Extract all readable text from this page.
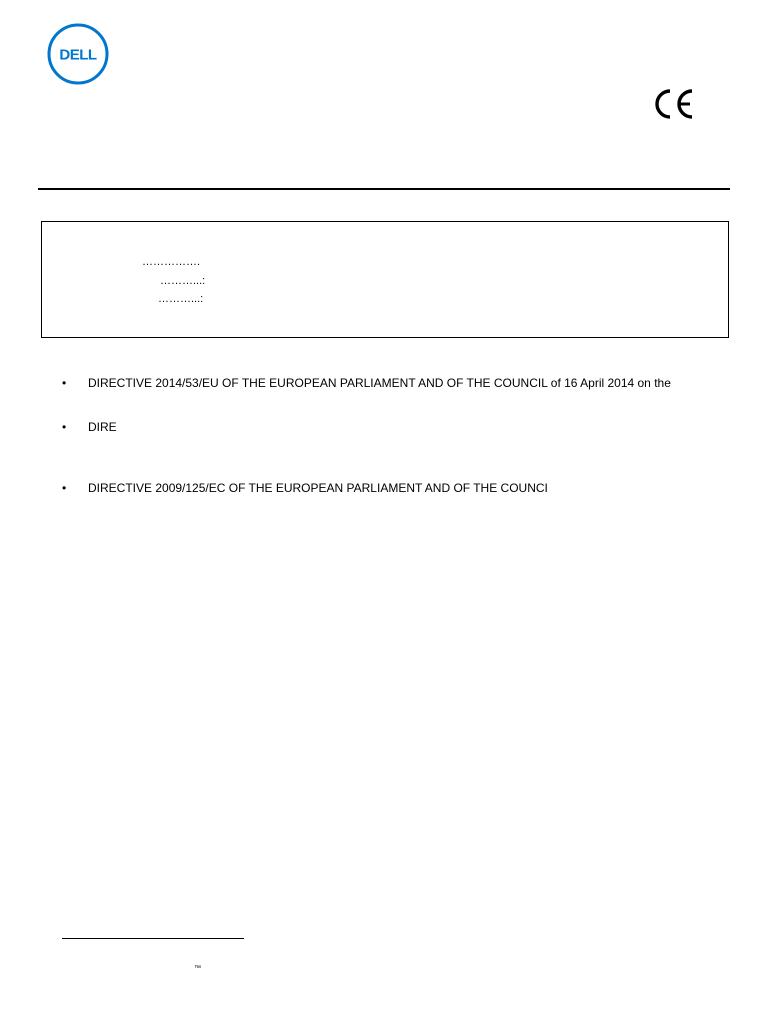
DELL
…………….
………...:
………...:
•	DIRECTIVE 2014/53/EU OF THE EUROPEAN PARLIAMENT AND OF THE COUNCIL of 16 April 2014 on the
•	DIRE
•	DIRECTIVE 2009/125/EC OF THE EUROPEAN PARLIAMENT AND OF THE COUNCI
™
